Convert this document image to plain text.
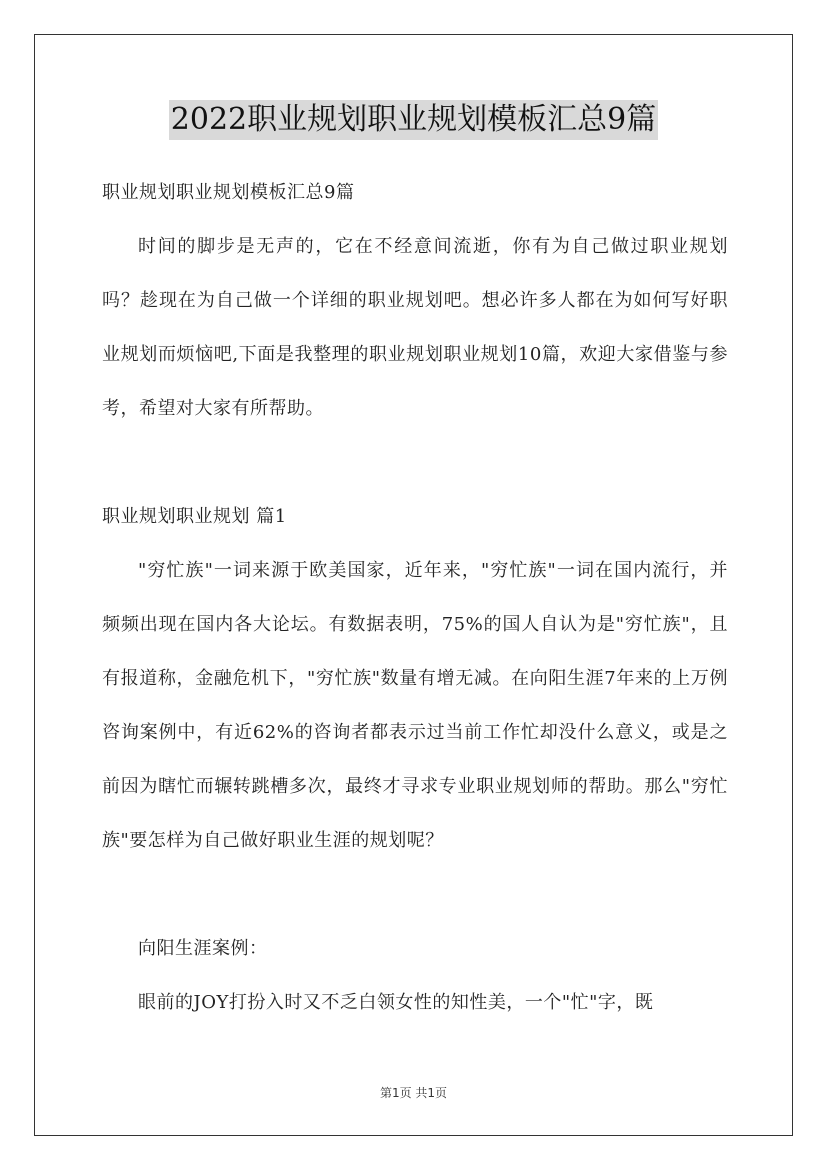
2022职业规划职业规划模板汇总9篇

职业规划职业规划模板汇总9篇

时间的脚步是无声的，它在不经意间流逝，你有为自己做过职业规划吗？趁现在为自己做一个详细的职业规划吧。想必许多人都在为如何写好职业规划而烦恼吧,下面是我整理的职业规划职业规划10篇，欢迎大家借鉴与参考，希望对大家有所帮助。

职业规划职业规划 篇1

"穷忙族"一词来源于欧美国家，近年来，"穷忙族"一词在国内流行，并频频出现在国内各大论坛。有数据表明，75%的国人自认为是"穷忙族"，且有报道称，金融危机下，"穷忙族"数量有增无减。在向阳生涯7年来的上万例咨询案例中，有近62%的咨询者都表示过当前工作忙却没什么意义，或是之前因为瞎忙而辗转跳槽多次，最终才寻求专业职业规划师的帮助。那么"穷忙族"要怎样为自己做好职业生涯的规划呢？

向阳生涯案例：

眼前的JOY打扮入时又不乏白领女性的知性美，一个"忙"字，既

第1页 共1页
